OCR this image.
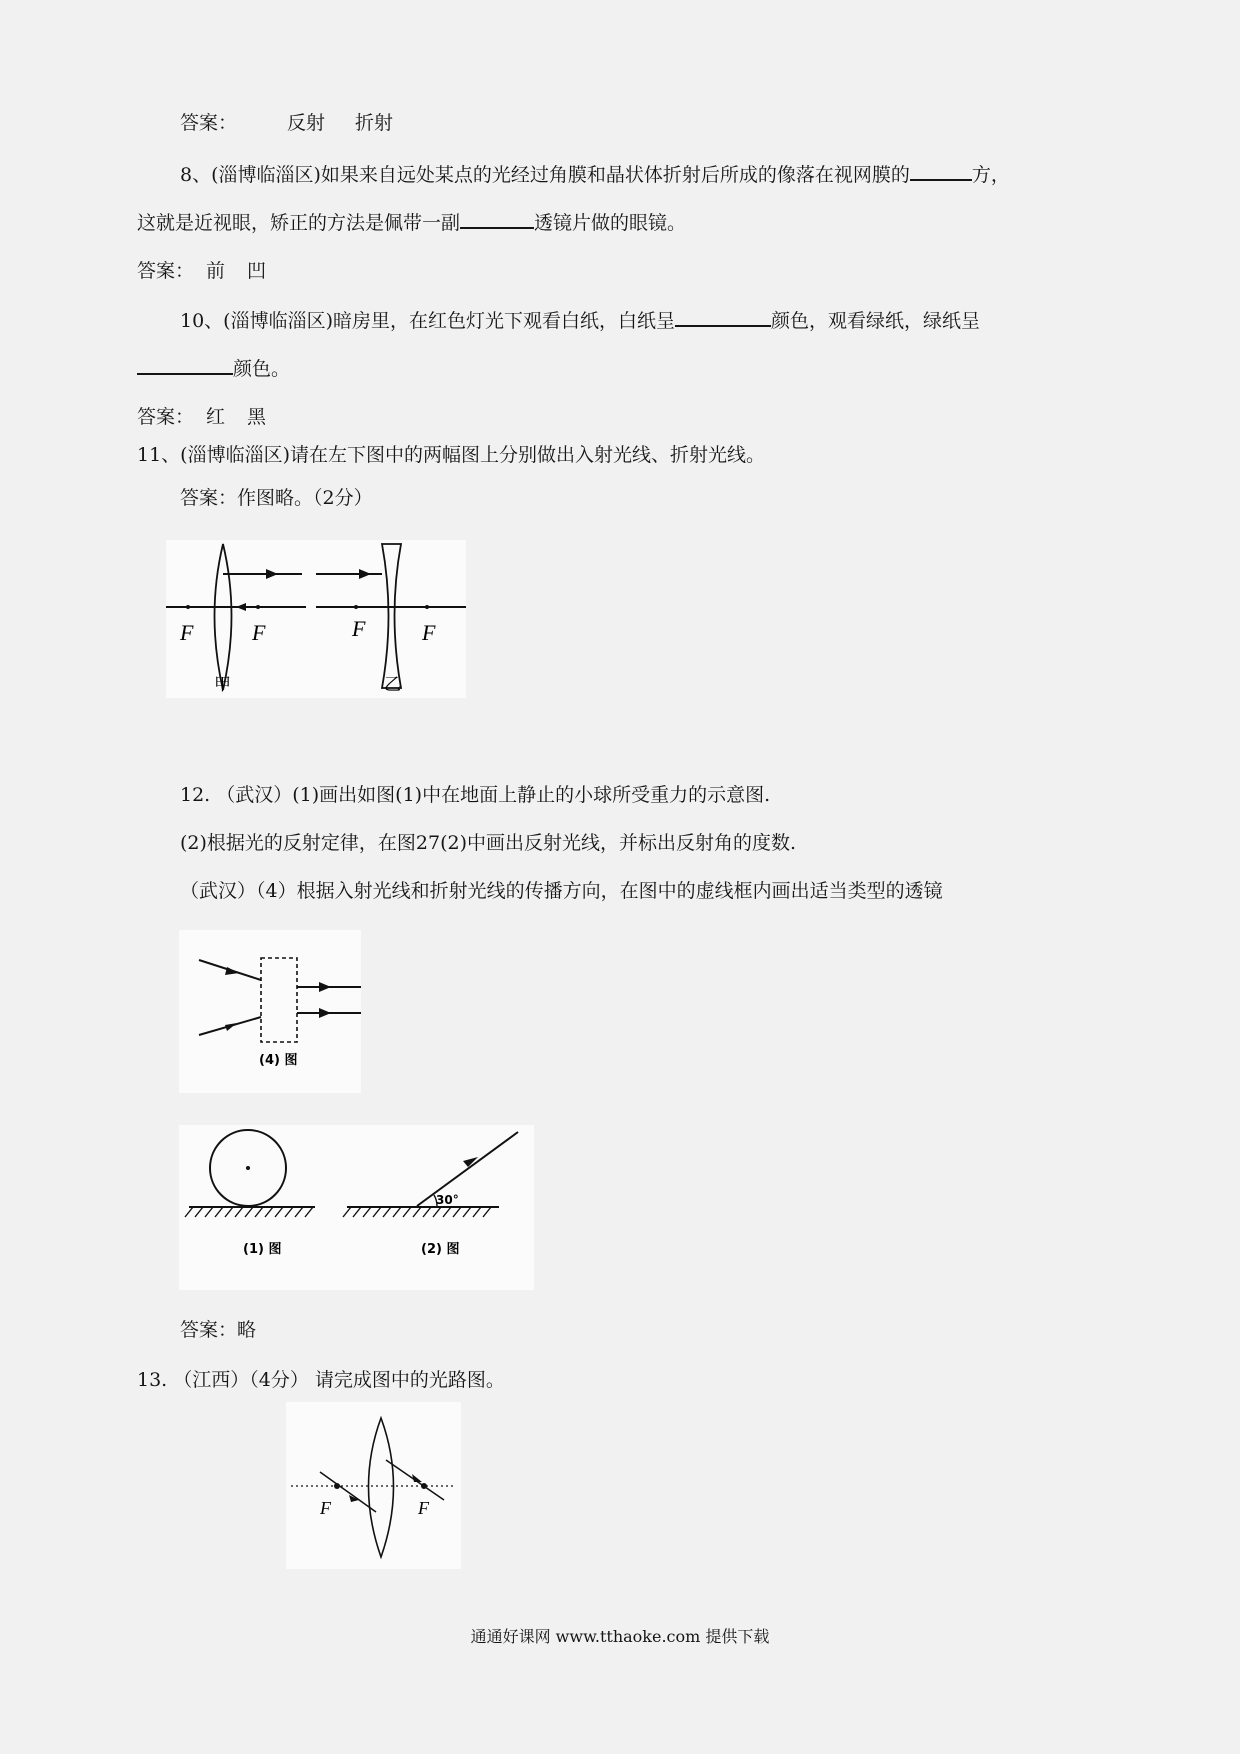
答案：	反射 折射
8、(淄博临淄区)如果来自远处某点的光经过角膜和晶状体折射后所成的像落在视网膜的	方，
这就是近视眼，矫正的方法是佩带一副	透镜片做的眼镜。
答案： 前 凹
10、(淄博临淄区)暗房里，在红色灯光下观看白纸，白纸呈	颜色，观看绿纸，绿纸呈
颜色。
答案： 红 黑
11、(淄博临淄区)请在左下图中的两幅图上分别做出入射光线、折射光线。
答案：作图略。（2分）
F	F	F	F
甲	乙
12. （武汉）(1)画出如图(1)中在地面上静止的小球所受重力的示意图.
(2)根据光的反射定律，在图27(2)中画出反射光线，并标出反射角的度数.
（武汉）（4）根据入射光线和折射光线的传播方向，在图中的虚线框内画出适当类型的透镜
(4) 图
(1) 图
30°
(2) 图
答案：略
13. （江西）（4分） 请完成图中的光路图。
F	F
通通好课网 www.tthaoke.com 提供下载
